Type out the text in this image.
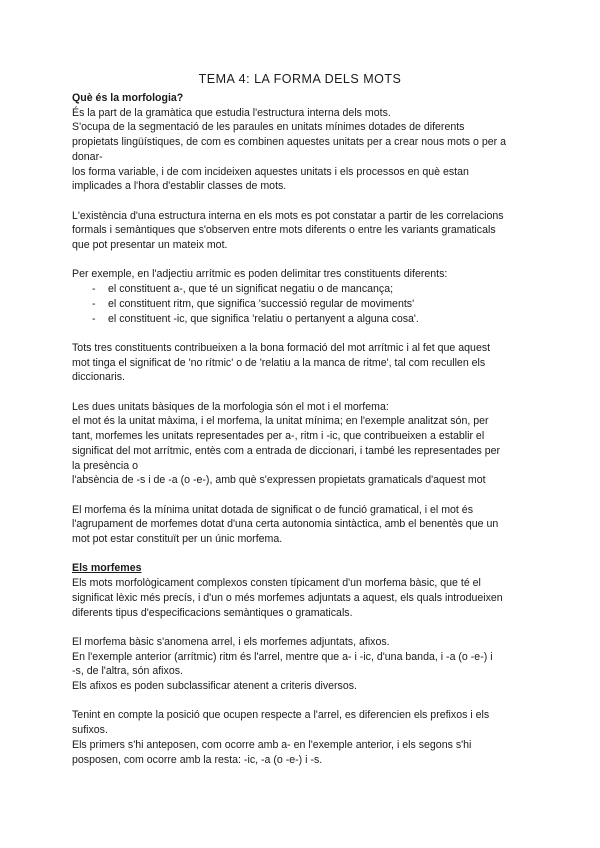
TEMA 4: LA FORMA DELS MOTS

Què és la morfologia?

És la part de la gramàtica que estudia l'estructura interna dels mots.

S'ocupa de la segmentació de les paraules en unitats mínimes dotades de diferents

propietats lingüístiques, de com es combinen aquestes unitats per a crear nous mots o per a

donar-

los forma variable, i de com incideixen aquestes unitats i els processos en què estan

implicades a l'hora d'establir classes de mots.

L'existència d'una estructura interna en els mots es pot constatar a partir de les correlacions

formals i semàntiques que s'observen entre mots diferents o entre les variants gramaticals

que pot presentar un mateix mot.

Per exemple, en l'adjectiu arrítmic es poden delimitar tres constituents diferents:

- el constituent a-, que té un significat negatiu o de mancança;
- el constituent ritm, que significa 'successió regular de moviments'
- el constituent -ic, que significa 'relatiu o pertanyent a alguna cosa'.

Tots tres constituents contribueixen a la bona formació del mot arrítmic i al fet que aquest

mot tinga el significat de 'no rítmic' o de 'relatiu a la manca de ritme', tal com recullen els

diccionaris.

Les dues unitats bàsiques de la morfologia són el mot i el morfema:

el mot és la unitat màxima, i el morfema, la unitat mínima; en l'exemple analitzat són, per

tant, morfemes les unitats representades per a-, ritm i -ic, que contribueixen a establir el

significat del mot arrítmic, entès com a entrada de diccionari, i també les representades per

la presència o

l'absència de -s i de -a (o -e-), amb què s'expressen propietats gramaticals d'aquest mot

El morfema és la mínima unitat dotada de significat o de funció gramatical, i el mot és

l'agrupament de morfemes dotat d'una certa autonomia sintàctica, amb el benentès que un

mot pot estar constituït per un únic morfema.

Els morfemes

Els mots morfològicament complexos consten típicament d'un morfema bàsic, que té el

significat lèxic més precís, i d'un o més morfemes adjuntats a aquest, els quals introdueixen

diferents tipus d'especificacions semàntiques o gramaticals.

El morfema bàsic s'anomena arrel, i els morfemes adjuntats, afixos.

En l'exemple anterior (arrítmic) ritm és l'arrel, mentre que a- i -ic, d'una banda, i -a (o -e-) i

-s, de l'altra, són afixos.

Els afixos es poden subclassificar atenent a criteris diversos.

Tenint en compte la posició que ocupen respecte a l'arrel, es diferencien els prefixos i els

sufixos.

Els primers s'hi anteposen, com ocorre amb a- en l'exemple anterior, i els segons s'hi

posposen, com ocorre amb la resta: -ic, -a (o -e-) i -s.
